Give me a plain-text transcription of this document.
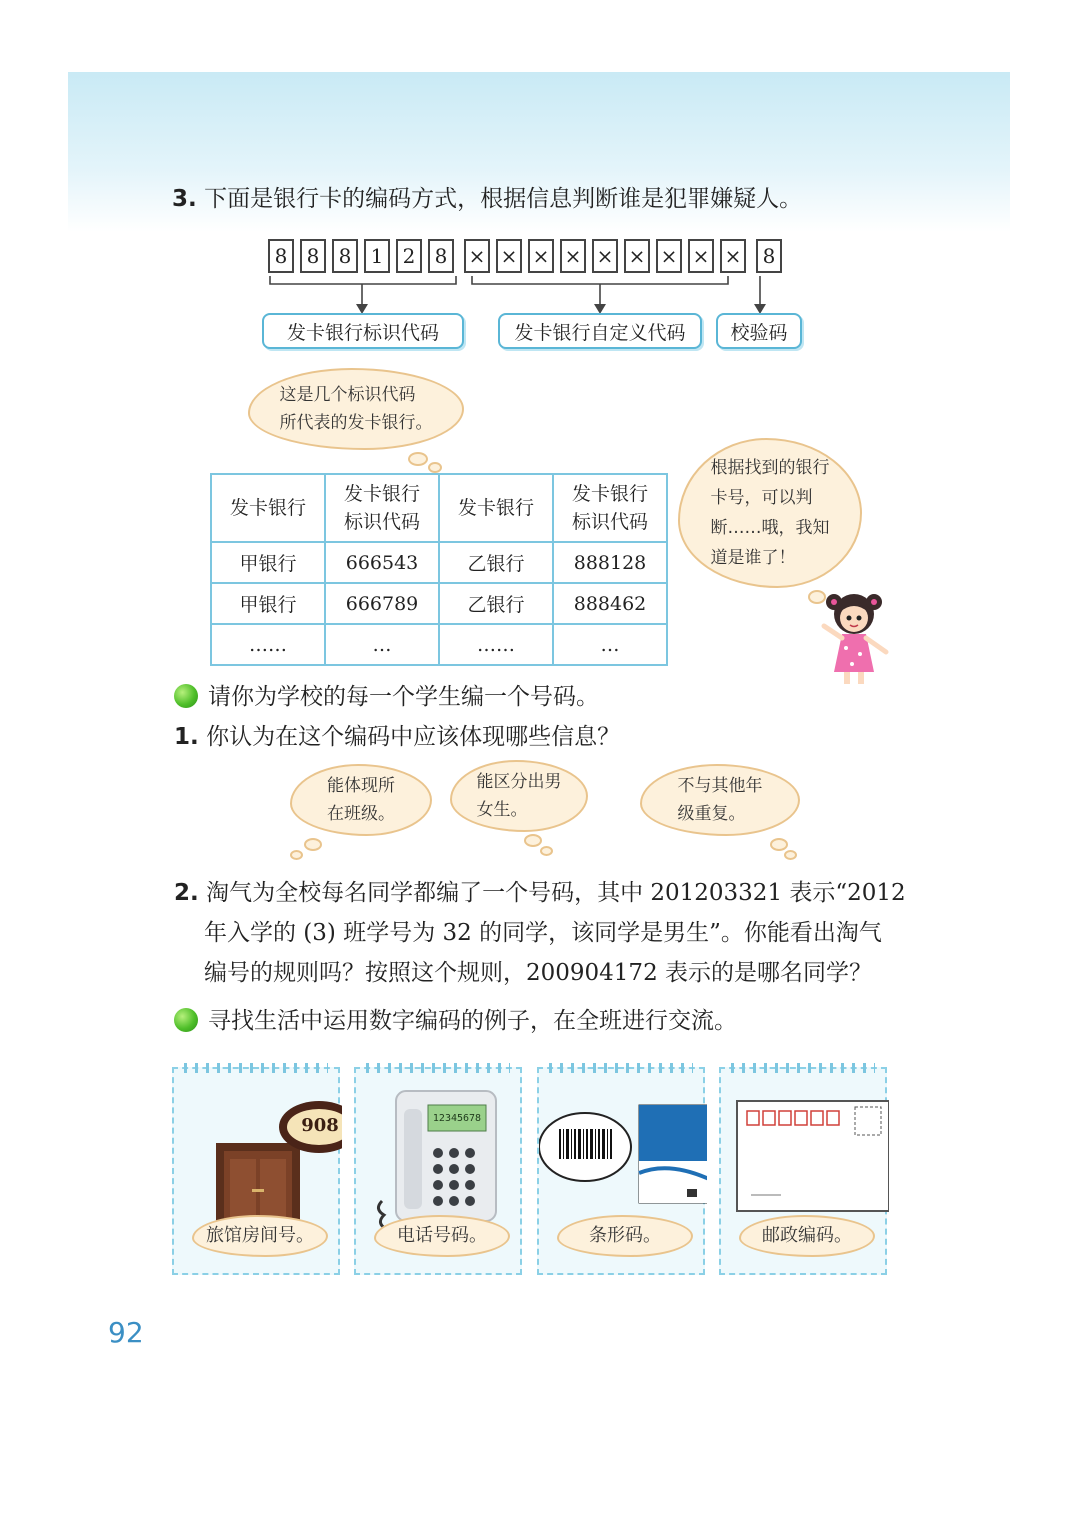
3. 下面是银行卡的编码方式，根据信息判断谁是犯罪嫌疑人。
8 8 8 1 2 8	× × × × × × × × ×	8
发卡银行标识代码	发卡银行自定义代码	校验码
这是几个标识代码
所代表的发卡银行。
发卡银行	发卡银行标识代码	发卡银行	发卡银行标识代码

甲银行	666543	乙银行	888128
甲银行	666789	乙银行	888462
……	…	……	…
根据找到的银行
卡号，可以判
断……哦，我知
道是谁了！
请你为学校的每一个学生编一个号码。
1. 你认为在这个编码中应该体现哪些信息？
能体现所
在班级。
能区分出男
女生。
不与其他年
级重复。
2. 淘气为全校每名同学都编了一个号码，其中 201203321 表示“2012
年入学的 (3) 班学号为 32 的同学，该同学是男生”。你能看出淘气
编号的规则吗？按照这个规则，200904172 表示的是哪名同学？
寻找生活中运用数字编码的例子，在全班进行交流。
908
旅馆房间号。
12345678
电话号码。	条形码。	邮政编码。
92
